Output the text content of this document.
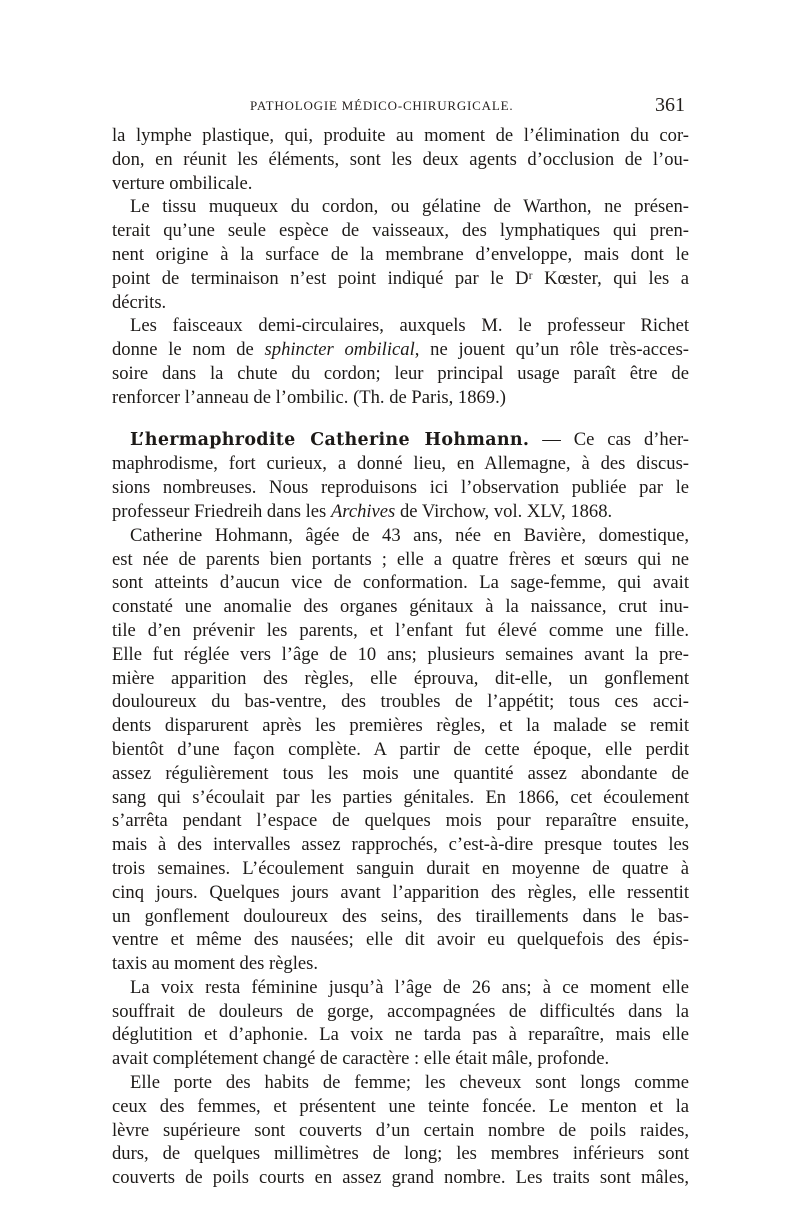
PATHOLOGIE MÉDICO-CHIRURGICALE.	361
la lymphe plastique, qui, produite au moment de l’élimination du cor-
don, en réunit les éléments, sont les deux agents d’occlusion de l’ou-
verture ombilicale.
Le tissu muqueux du cordon, ou gélatine de Warthon, ne présen-
terait qu’une seule espèce de vaisseaux, des lymphatiques qui pren-
nent origine à la surface de la membrane d’enveloppe, mais dont le
point de terminaison n’est point indiqué par le Dʳ Kœster, qui les a
décrits.
Les faisceaux demi-circulaires, auxquels M. le professeur Richet
donne le nom de sphincter ombilical, ne jouent qu’un rôle très-acces-
soire dans la chute du cordon; leur principal usage paraît être de
renforcer l’anneau de l’ombilic. (Th. de Paris, 1869.)
L’hermaphrodite Catherine Hohmann. — Ce cas d’her-
maphrodisme, fort curieux, a donné lieu, en Allemagne, à des discus-
sions nombreuses. Nous reproduisons ici l’observation publiée par le
professeur Friedreih dans les Archives de Virchow, vol. XLV, 1868.
Catherine Hohmann, âgée de 43 ans, née en Bavière, domestique,
est née de parents bien portants ; elle a quatre frères et sœurs qui ne
sont atteints d’aucun vice de conformation. La sage-femme, qui avait
constaté une anomalie des organes génitaux à la naissance, crut inu-
tile d’en prévenir les parents, et l’enfant fut élevé comme une fille.
Elle fut réglée vers l’âge de 10 ans; plusieurs semaines avant la pre-
mière apparition des règles, elle éprouva, dit-elle, un gonflement
douloureux du bas-ventre, des troubles de l’appétit; tous ces acci-
dents disparurent après les premières règles, et la malade se remit
bientôt d’une façon complète. A partir de cette époque, elle perdit
assez régulièrement tous les mois une quantité assez abondante de
sang qui s’écoulait par les parties génitales. En 1866, cet écoulement
s’arrêta pendant l’espace de quelques mois pour reparaître ensuite,
mais à des intervalles assez rapprochés, c’est-à-dire presque toutes les
trois semaines. L’écoulement sanguin durait en moyenne de quatre à
cinq jours. Quelques jours avant l’apparition des règles, elle ressentit
un gonflement douloureux des seins, des tiraillements dans le bas-
ventre et même des nausées; elle dit avoir eu quelquefois des épis-
taxis au moment des règles.
La voix resta féminine jusqu’à l’âge de 26 ans; à ce moment elle
souffrait de douleurs de gorge, accompagnées de difficultés dans la
déglutition et d’aphonie. La voix ne tarda pas à reparaître, mais elle
avait complétement changé de caractère : elle était mâle, profonde.
Elle porte des habits de femme; les cheveux sont longs comme
ceux des femmes, et présentent une teinte foncée. Le menton et la
lèvre supérieure sont couverts d’un certain nombre de poils raides,
durs, de quelques millimètres de long; les membres inférieurs sont
couverts de poils courts en assez grand nombre. Les traits sont mâles,
